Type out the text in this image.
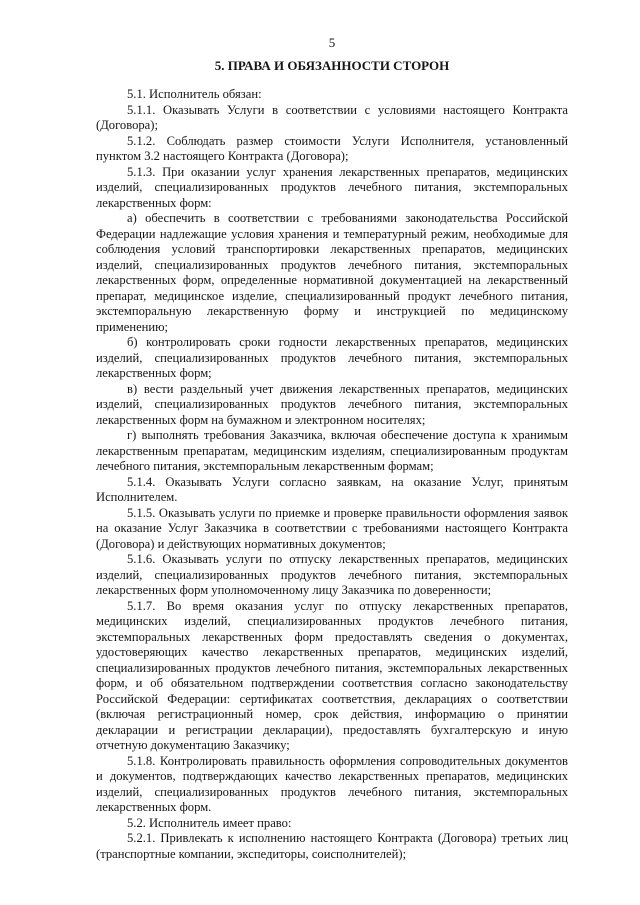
5
5. ПРАВА И ОБЯЗАННОСТИ СТОРОН
5.1. Исполнитель обязан:
5.1.1. Оказывать Услуги в соответствии с условиями настоящего Контракта
(Договора);
5.1.2. Соблюдать размер стоимости Услуги Исполнителя, установленный
пунктом 3.2 настоящего Контракта (Договора);
5.1.3. При оказании услуг хранения лекарственных препаратов, медицинских
изделий, специализированных продуктов лечебного питания, экстемпоральных
лекарственных форм:
а) обеспечить в соответствии с требованиями законодательства Российской
Федерации надлежащие условия хранения и температурный режим, необходимые для
соблюдения условий транспортировки лекарственных препаратов, медицинских
изделий, специализированных продуктов лечебного питания, экстемпоральных
лекарственных форм, определенные нормативной документацией на лекарственный
препарат, медицинское изделие, специализированный продукт лечебного питания,
экстемпоральную лекарственную форму и инструкцией по медицинскому
применению;
б) контролировать сроки годности лекарственных препаратов, медицинских
изделий, специализированных продуктов лечебного питания, экстемпоральных
лекарственных форм;
в) вести раздельный учет движения лекарственных препаратов, медицинских
изделий, специализированных продуктов лечебного питания, экстемпоральных
лекарственных форм на бумажном и электронном носителях;
г) выполнять требования Заказчика, включая обеспечение доступа к хранимым
лекарственным препаратам, медицинским изделиям, специализированным продуктам
лечебного питания, экстемпоральным лекарственным формам;
5.1.4. Оказывать Услуги согласно заявкам, на оказание Услуг, принятым
Исполнителем.
5.1.5. Оказывать услуги по приемке и проверке правильности оформления заявок
на оказание Услуг Заказчика в соответствии с требованиями настоящего Контракта
(Договора) и действующих нормативных документов;
5.1.6. Оказывать услуги по отпуску лекарственных препаратов, медицинских
изделий, специализированных продуктов лечебного питания, экстемпоральных
лекарственных форм уполномоченному лицу Заказчика по доверенности;
5.1.7. Во время оказания услуг по отпуску лекарственных препаратов,
медицинских изделий, специализированных продуктов лечебного питания,
экстемпоральных лекарственных форм предоставлять сведения о документах,
удостоверяющих качество лекарственных препаратов, медицинских изделий,
специализированных продуктов лечебного питания, экстемпоральных лекарственных
форм, и об обязательном подтверждении соответствия согласно законодательству
Российской Федерации: сертификатах соответствия, декларациях о соответствии
(включая регистрационный номер, срок действия, информацию о принятии
декларации и регистрации декларации), предоставлять бухгалтерскую и иную
отчетную документацию Заказчику;
5.1.8. Контролировать правильность оформления сопроводительных документов
и документов, подтверждающих качество лекарственных препаратов, медицинских
изделий, специализированных продуктов лечебного питания, экстемпоральных
лекарственных форм.
5.2. Исполнитель имеет право:
5.2.1. Привлекать к исполнению настоящего Контракта (Договора) третьих лиц
(транспортные компании, экспедиторы, соисполнителей);
